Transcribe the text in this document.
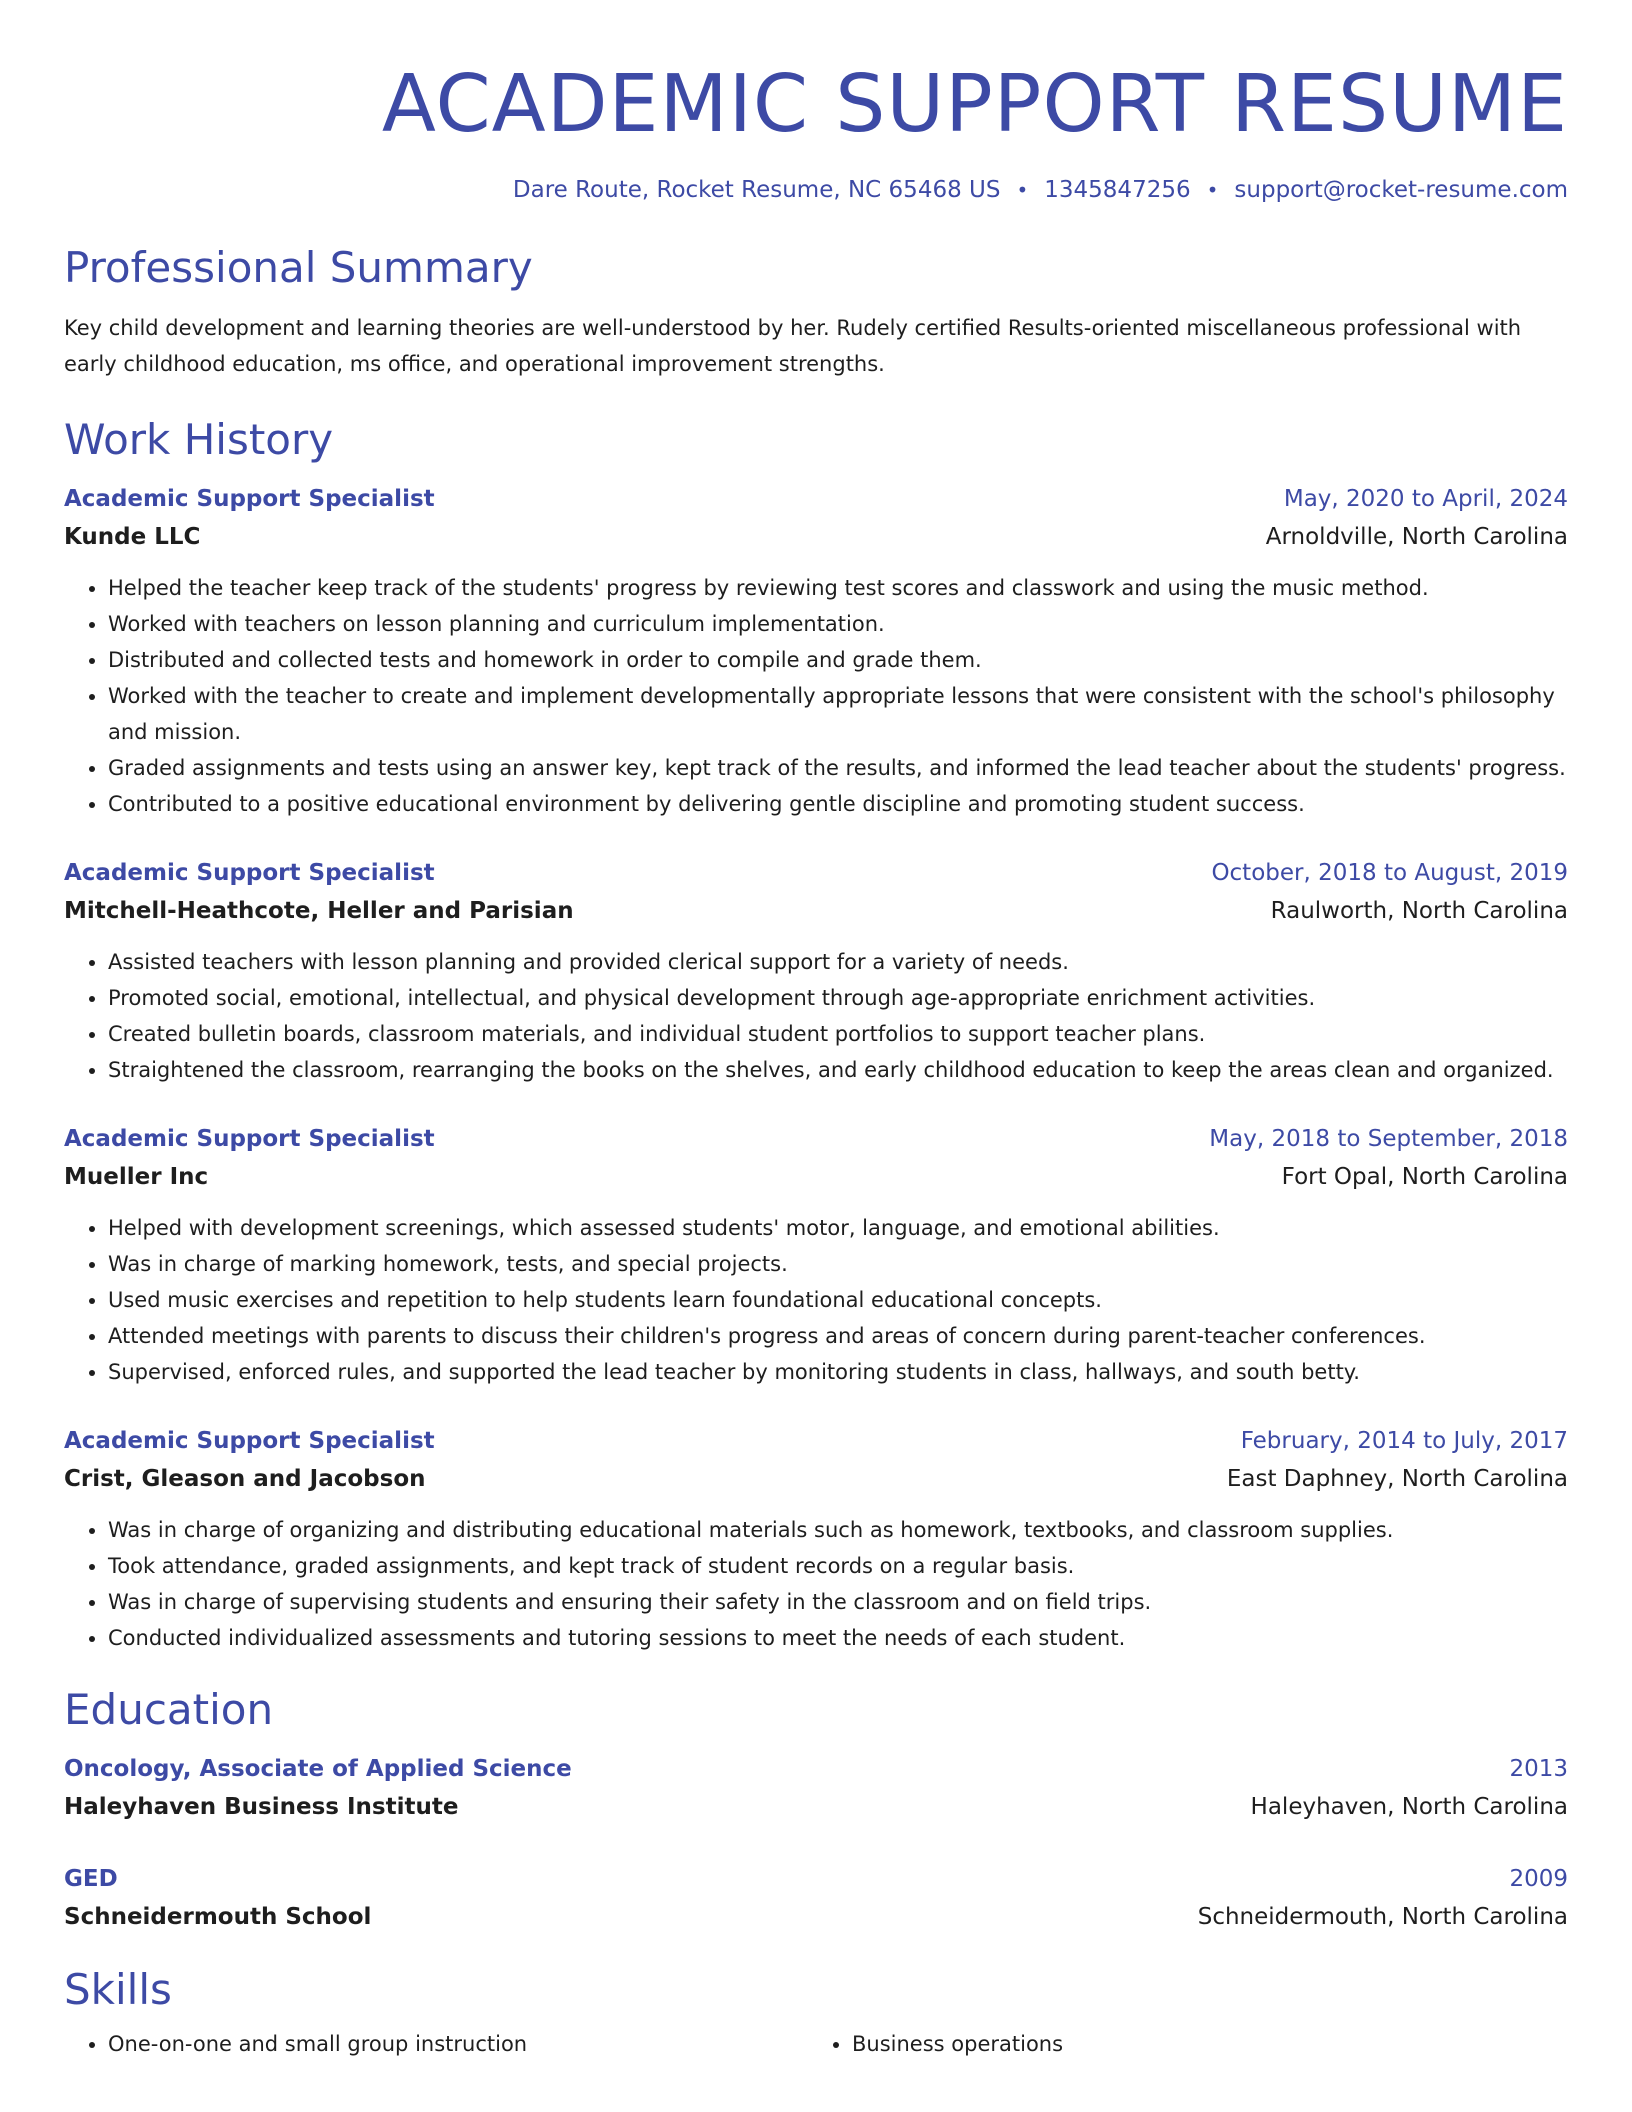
ACADEMIC SUPPORT RESUME
Dare Route, Rocket Resume, NC 65468 US • 1345847256 • support@rocket-resume.com
Professional Summary

Key child development and learning theories are well-understood by her. Rudely certified Results-oriented miscellaneous professional with early childhood education, ms office, and operational improvement strengths.

Work History
Academic Support Specialist	May, 2020 to April, 2024
Kunde LLC	Arnoldville, North Carolina
• Helped the teacher keep track of the students' progress by reviewing test scores and classwork and using the music method.
• Worked with teachers on lesson planning and curriculum implementation.
• Distributed and collected tests and homework in order to compile and grade them.
• Worked with the teacher to create and implement developmentally appropriate lessons that were consistent with the school's philosophy and mission.
• Graded assignments and tests using an answer key, kept track of the results, and informed the lead teacher about the students' progress.
• Contributed to a positive educational environment by delivering gentle discipline and promoting student success.
Academic Support Specialist	October, 2018 to August, 2019
Mitchell-Heathcote, Heller and Parisian	Raulworth, North Carolina
• Assisted teachers with lesson planning and provided clerical support for a variety of needs.
• Promoted social, emotional, intellectual, and physical development through age-appropriate enrichment activities.
• Created bulletin boards, classroom materials, and individual student portfolios to support teacher plans.
• Straightened the classroom, rearranging the books on the shelves, and early childhood education to keep the areas clean and organized.
Academic Support Specialist	May, 2018 to September, 2018
Mueller Inc	Fort Opal, North Carolina
• Helped with development screenings, which assessed students' motor, language, and emotional abilities.
• Was in charge of marking homework, tests, and special projects.
• Used music exercises and repetition to help students learn foundational educational concepts.
• Attended meetings with parents to discuss their children's progress and areas of concern during parent-teacher conferences.
• Supervised, enforced rules, and supported the lead teacher by monitoring students in class, hallways, and south betty.
Academic Support Specialist	February, 2014 to July, 2017
Crist, Gleason and Jacobson	East Daphney, North Carolina
• Was in charge of organizing and distributing educational materials such as homework, textbooks, and classroom supplies.
• Took attendance, graded assignments, and kept track of student records on a regular basis.
• Was in charge of supervising students and ensuring their safety in the classroom and on field trips.
• Conducted individualized assessments and tutoring sessions to meet the needs of each student.
Education
Oncology, Associate of Applied Science	2013
Haleyhaven Business Institute	Haleyhaven, North Carolina
GED	2009
Schneidermouth School	Schneidermouth, North Carolina
Skills
• One-on-one and small group instruction
•	Business operations
